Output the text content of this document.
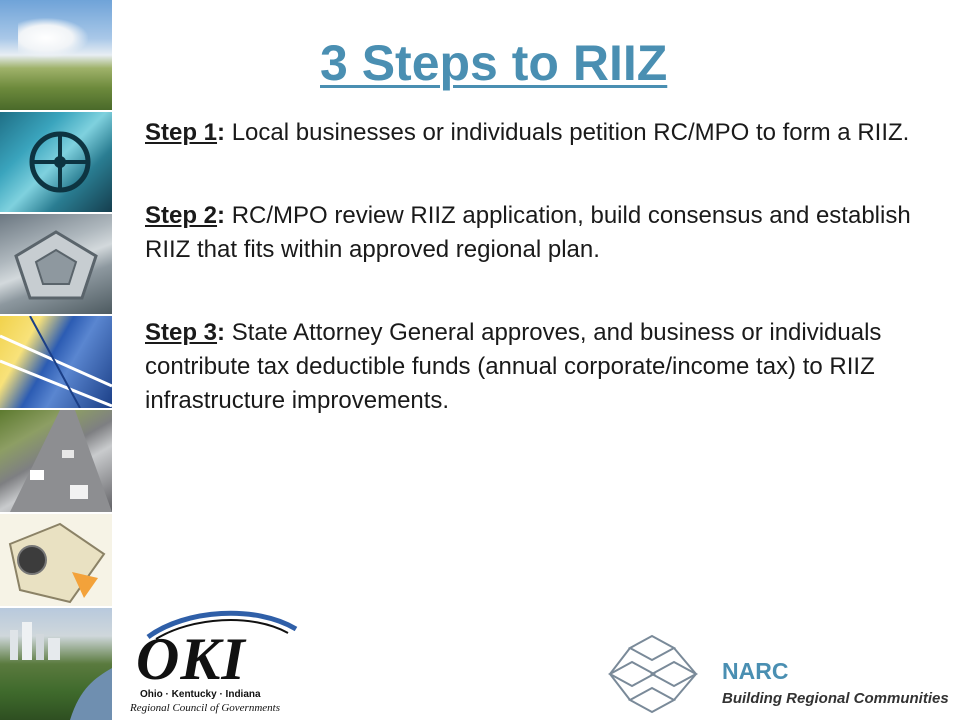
3 Steps to RIIZ

Step 1: Local businesses or individuals petition RC/MPO to form a RIIZ.

Step 2: RC/MPO review RIIZ application, build consensus and establish RIIZ that fits within approved regional plan.

Step 3: State Attorney General approves, and business or individuals contribute tax deductible funds (annual corporate/income tax) to RIIZ infrastructure improvements.

OKI
Ohio · Kentucky · Indiana
Regional Council of Governments
NARC
Building Regional Communities
